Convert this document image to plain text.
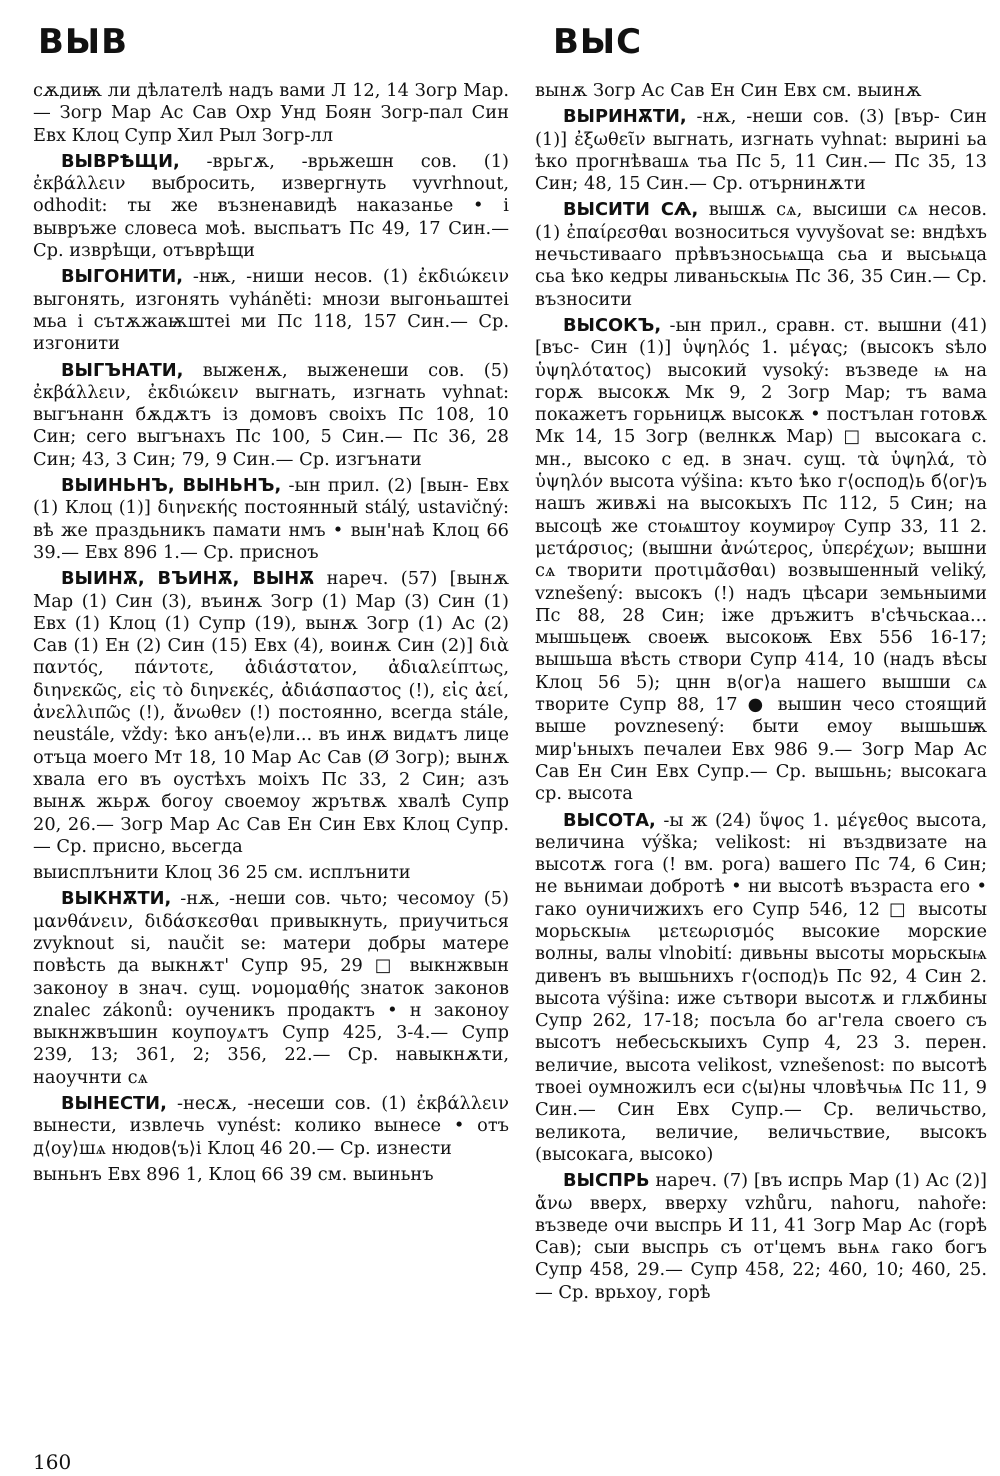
ВЫВ	ВЫС

сѫдиѭ ли дѣлателѣ надъ вами Л 12, 14 Зогр Мар.— Зогр Мар Ас Сав Охр Унд Боян Зогр-пал Син Евх Клоц Супр Хил Рыл Зогр-лл

ВЫВРѢЩИ, -врьгѫ, -врьжешн сов. (1) ἐκβάλλειν выбросить, извергнуть vyvrhnout, odhodit: ты же възненавидѣ наказанье • і вывръже словеса моѣ. выспьатъ Пс 49, 17 Син.— Ср. изврѣщи, отъврѣщи

ВЫГОНИТИ, -нѭ, -ниши несов. (1) ἐκδιώκειν выгонять, изгонять vyháněti: мнози выгоньаштеі мьа і сътѫжаѭштеі ми Пс 118, 157 Син.— Ср. изгонити

ВЫГЪНАТИ, выженѫ, выженеши сов. (5) ἐκβάλλειν, ἐκδιώκειν выгнать, изгнать vyhnat: выгънанн бѫдѫтъ із домовъ своіхъ Пс 108, 10 Син; сего выгънахъ Пс 100, 5 Син.— Пс 36, 28 Син; 43, 3 Син; 79, 9 Син.— Ср. изгънати

ВЫИНЬНЪ, ВЫНЬНЪ, -ын прил. (2) [вын- Евх (1) Клоц (1)] διηνεκής постоянный stálý, ustavičný: вѣ же праздьникъ памати нмъ • вын'наѣ Клоц 66 39.— Евх 896 1.— Ср. присноъ

ВЫИНѪ, ВЪИНѪ, ВЫНѪ нареч. (57) [вынѫ Мар (1) Син (3), въинѫ Зогр (1) Мар (3) Син (1) Евх (1) Клоц (1) Супр (19), вынѫ Зогр (1) Ас (2) Сав (1) Ен (2) Син (15) Евх (4), воинѫ Син (2)] διὰ παντός, πάντοτε, ἀδιάστατον, ἀδιαλείπτως, διηνεκῶς, εἰς τὸ διηνεκές, ἀδιάσπαστος (!), εἰς ἀεί, ἀνελλιπῶς (!), ἄνωθεν (!) постоянно, всегда stále, neustále, vždy: ѣко анъ⟨е⟩ли... въ инѫ видѧтъ лице отъца моего Мт 18, 10 Мар Ас Сав (Ø Зогр); вынѫ хвала его въ оустѣхъ моіхъ Пс 33, 2 Син; азъ вынѫ жьрѫ богоу своемоу жрътвѫ хвалѣ Супр 20, 26.— Зогр Мар Ас Сав Ен Син Евх Клоц Супр.— Ср. присно, вьсегда

выисплънити Клоц 36 25 см. исплънити

ВЫКНѪТИ, -нѫ, -неши сов. чьто; чесомоу (5) μανθάνειν, διδάσκεσθαι привыкнуть, приучиться zvyknout si, naučit se: матери добры матере повѣсть да выкнѫт' Супр 95, 29 □ выкнжвын законоу в знач. сущ. νομομαθής знаток законов znalec zákonů: оученикъ продактъ • н законоу выкнжвъшин коупоуѧтъ Супр 425, 3-4.— Супр 239, 13; 361, 2; 356, 22.— Ср. навыкнѫти, наоучнти сѧ

ВЫНЕСТИ, -несѫ, -несеши сов. (1) ἐκβάλλειν вынести, извлечь vynést: колико вынесе • отъ д⟨оу⟩шѧ нюдов⟨ъ⟩і Клоц 46 20.— Ср. изнести

выньнъ Евх 896 1, Клоц 66 39 см. выиньнъ

вынѫ Зогр Ас Сав Ен Син Евх см. выинѫ

ВЫРИНѪТИ, -нѫ, -неши сов. (3) [вър- Син (1)] ἐξωθεῖν выгнать, изгнать vyhnat: вырині ьа ѣко прогнѣвашѧ тьа Пс 5, 11 Син.— Пс 35, 13 Син; 48, 15 Син.— Ср. отърнинѫти

ВЫСИТИ СѦ, вышѫ сѧ, высиши сѧ несов. (1) ἐπαίρεσθαι возноситься vyvyšovat se: вндѣхъ нечьстивааго прѣвъзносьѩща сьа и высьѩца сьа ѣко кедры ливаньскыѩ Пс 36, 35 Син.— Ср. възносити

ВЫСОКЪ, -ын прил., сравн. ст. вышни (41) [въс- Син (1)] ὑψηλός 1. μέγας; (высокъ ѕѣло ὑψηλότατος) высокий vysoký: възведе ѩ на горѫ высокѫ Мк 9, 2 Зогр Мар; тъ вама покажетъ горьницѫ высокѫ • постълан готовѫ Мк 14, 15 Зогр (велнкѫ Мар) □ высокага с. мн., высоко с ед. в знач. сущ. τὰ ὑψηλά, τὸ ὑψηλόν высота výšina: къто ѣко г⟨оспод⟩ь б⟨ог⟩ъ нашъ живѫі на высокыхъ Пс 112, 5 Син; на высоцѣ же стоѩштоу коумирѹ Супр 33, 11 2. μετάρσιος; (вышни ἀνώτερος, ὑπερέχων; вышни сѧ творити προτιμᾶσθαι) возвышенный veliký, vznešený: высокъ (!) надъ цѣсари земьныими Пс 88, 28 Син; іже дръжитъ в'сѣчьскаа... мышьцеѭ своеѭ высокоѭ Евх 556 16-17; вышьша вѣсть створи Супр 414, 10 (надъ вѣсы Клоц 56 5); цнн в⟨ог⟩а нашего вышши сѧ творите Супр 88, 17 ● вышин чесо стоящий выше povznesený: быти емоу вышьшѭ мир'ьныхъ печалеи Евх 986 9.— Зогр Мар Ас Сав Ен Син Евх Супр.— Ср. вышьнь; высокага ср. высота

ВЫСОТА, -ы ж (24) ὕψος 1. μέγεθος высота, величина výška; velikost: ні въздвизате на высотѫ гога (! вм. рога) вашего Пс 74, 6 Син; не вьнимаи добротѣ • ни высотѣ възраста его • гако оуничижихъ его Супр 546, 12 □ высоты морьскыѩ μετεωρισμός высокие морские волны, валы vlnobití: дивьны высоты морьскыѩ дивенъ въ вышьнихъ г⟨оспод⟩ь Пс 92, 4 Син 2. высота výšina: иже сътвори высотѫ и глѫбины Супр 262, 17-18; посъла бо аг'гела своего съ высотъ небесьскыихъ Супр 4, 23 3. перен. величие, высота velikost, vznešenost: по высотѣ твоеі оумножилъ еси с⟨ы⟩ны чловѣчьѩ Пс 11, 9 Син.— Син Евх Супр.— Ср. величьство, великота, величие, величьствие, высокъ (высокага, высоко)

ВЫСПРЬ нареч. (7) [въ испрь Мар (1) Ас (2)] ἄνω вверх, вверху vzhůru, nahoru, nahoře: възведе очи выспрь И 11, 41 Зогр Мар Ас (горѣ Сав); сыи выспрь съ от'цемъ вьнѧ гако богъ Супр 458, 29.— Супр 458, 22; 460, 10; 460, 25.— Ср. врьхоу, горѣ

160
